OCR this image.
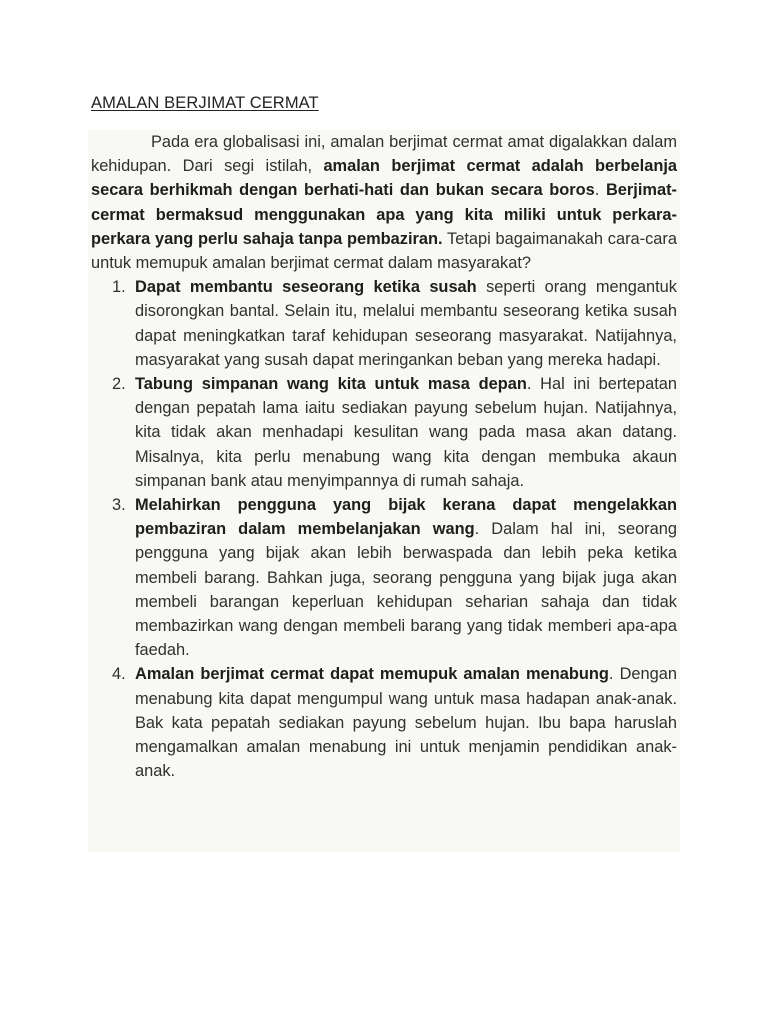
AMALAN BERJIMAT CERMAT

Pada era globalisasi ini, amalan berjimat cermat amat digalakkan dalam kehidupan. Dari segi istilah, amalan berjimat cermat adalah berbelanja secara berhikmah dengan berhati-hati dan bukan secara boros. Berjimat-cermat bermaksud menggunakan apa yang kita miliki untuk perkara-perkara yang perlu sahaja tanpa pembaziran. Tetapi bagaimanakah cara-cara untuk memupuk amalan berjimat cermat dalam masyarakat?

1. Dapat membantu seseorang ketika susah seperti orang mengantuk disorongkan bantal. Selain itu, melalui membantu seseorang ketika susah dapat meningkatkan taraf kehidupan seseorang masyarakat. Natijahnya, masyarakat yang susah dapat meringankan beban yang mereka hadapi.
2. Tabung simpanan wang kita untuk masa depan. Hal ini bertepatan dengan pepatah lama iaitu sediakan payung sebelum hujan. Natijahnya, kita tidak akan menhadapi kesulitan wang pada masa akan datang. Misalnya, kita perlu menabung wang kita dengan membuka akaun simpanan bank atau menyimpannya di rumah sahaja.
3. Melahirkan pengguna yang bijak kerana dapat mengelakkan pembaziran dalam membelanjakan wang. Dalam hal ini, seorang pengguna yang bijak akan lebih berwaspada dan lebih peka ketika membeli barang. Bahkan juga, seorang pengguna yang bijak juga akan membeli barangan keperluan kehidupan seharian sahaja dan tidak membazirkan wang dengan membeli barang yang tidak memberi apa-apa faedah.
4. Amalan berjimat cermat dapat memupuk amalan menabung. Dengan menabung kita dapat mengumpul wang untuk masa hadapan anak-anak. Bak kata pepatah sediakan payung sebelum hujan. Ibu bapa haruslah mengamalkan amalan menabung ini untuk menjamin pendidikan anak-anak.
